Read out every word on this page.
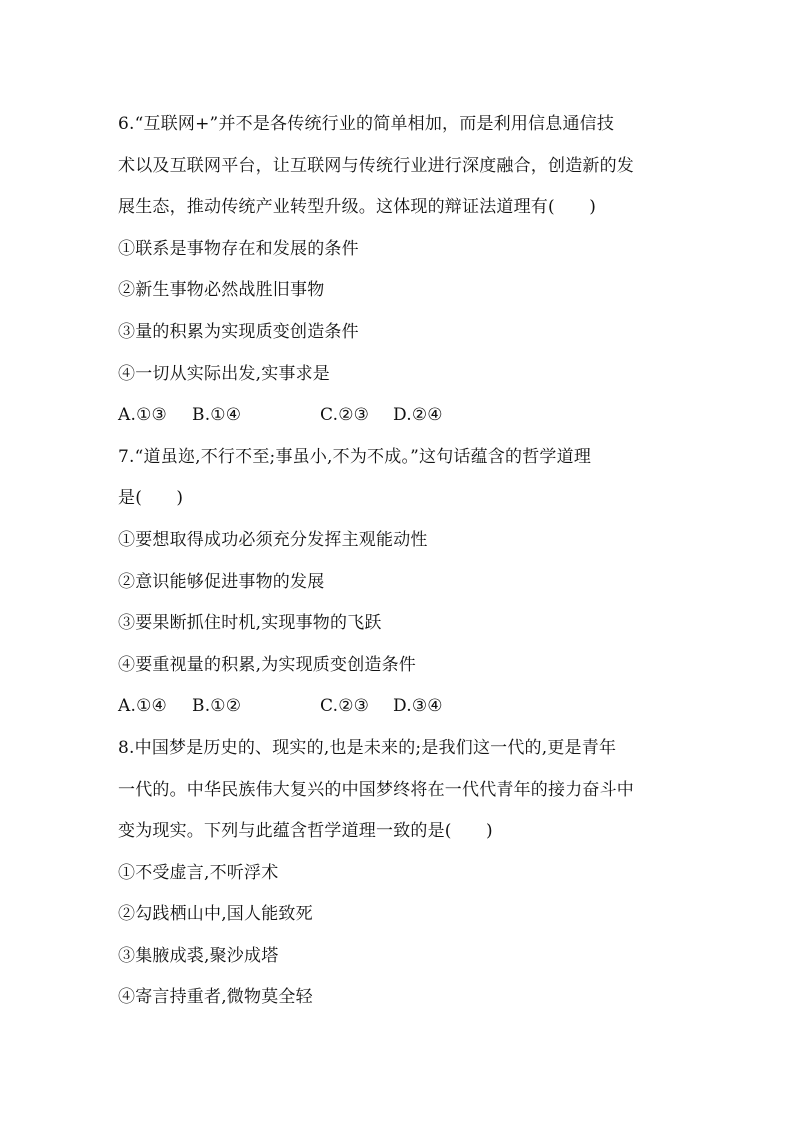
6.“互联网+”并不是各传统行业的简单相加，而是利用信息通信技
术以及互联网平台，让互联网与传统行业进行深度融合，创造新的发
展生态，推动传统产业转型升级。这体现的辩证法道理有(　　)
①联系是事物存在和发展的条件
②新生事物必然战胜旧事物
③量的积累为实现质变创造条件
④一切从实际出发,实事求是
A.①③	B.①④	C.②③	D.②④
7.“道虽迩,不行不至;事虽小,不为不成。”这句话蕴含的哲学道理
是(　　)
①要想取得成功必须充分发挥主观能动性
②意识能够促进事物的发展
③要果断抓住时机,实现事物的飞跃
④要重视量的积累,为实现质变创造条件
A.①④	B.①②	C.②③	D.③④
8.中国梦是历史的、现实的,也是未来的;是我们这一代的,更是青年
一代的。中华民族伟大复兴的中国梦终将在一代代青年的接力奋斗中
变为现实。下列与此蕴含哲学道理一致的是(　　)
①不受虚言,不听浮术
②勾践栖山中,国人能致死
③集腋成裘,聚沙成塔
④寄言持重者,微物莫全轻
